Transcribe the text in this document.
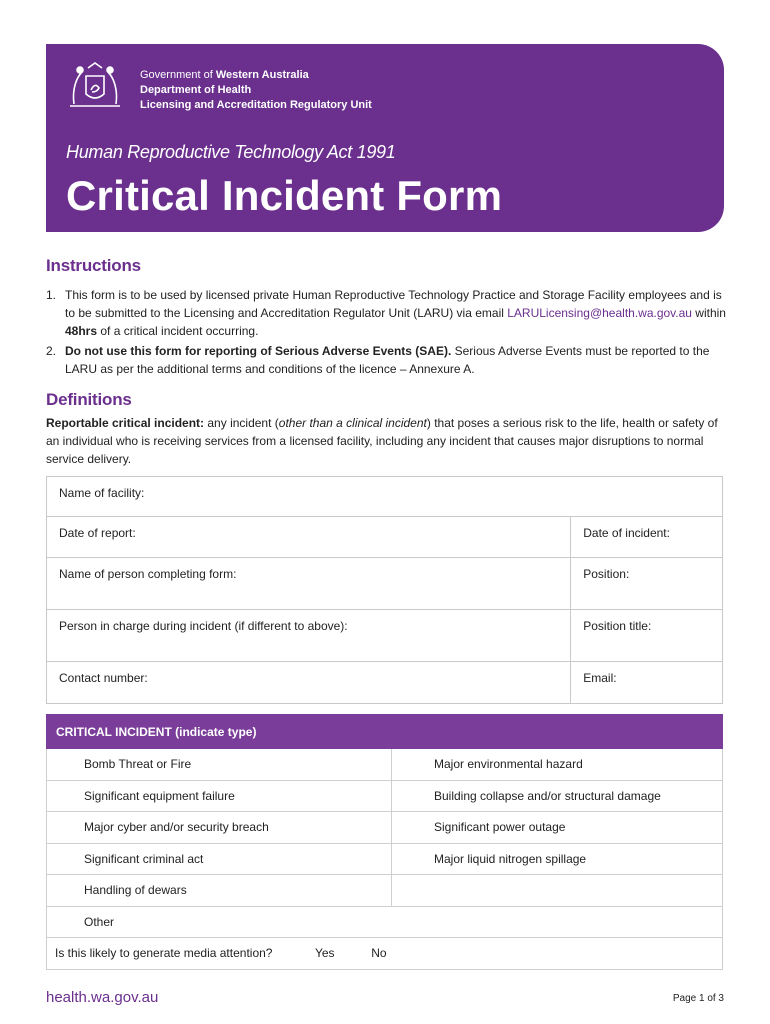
Government of Western Australia
Department of Health
Licensing and Accreditation Regulatory Unit
Human Reproductive Technology Act 1991
Critical Incident Form
Instructions
1. This form is to be used by licensed private Human Reproductive Technology Practice and Storage Facility employees and is to be submitted to the Licensing and Accreditation Regulator Unit (LARU) via email LARULicensing@health.wa.gov.au within 48hrs of a critical incident occurring.
2. Do not use this form for reporting of Serious Adverse Events (SAE). Serious Adverse Events must be reported to the LARU as per the additional terms and conditions of the licence – Annexure A.
Definitions
Reportable critical incident: any incident (other than a clinical incident) that poses a serious risk to the life, health or safety of an individual who is receiving services from a licensed facility, including any incident that causes major disruptions to normal service delivery.
Name of facility:	
Date of report:	Date of incident:
Name of person completing form:	Position:
Person in charge during incident (if different to above):	Position title:
Contact number:	Email:
CRITICAL INCIDENT (indicate type)	
Bomb Threat or Fire	Major environmental hazard
Significant equipment failure	Building collapse and/or structural damage
Major cyber and/or security breach	Significant power outage
Significant criminal act	Major liquid nitrogen spillage
Handling of dewars	
Other	
Is this likely to generate media attention? Yes No	
health.wa.gov.au	Page 1 of 3
